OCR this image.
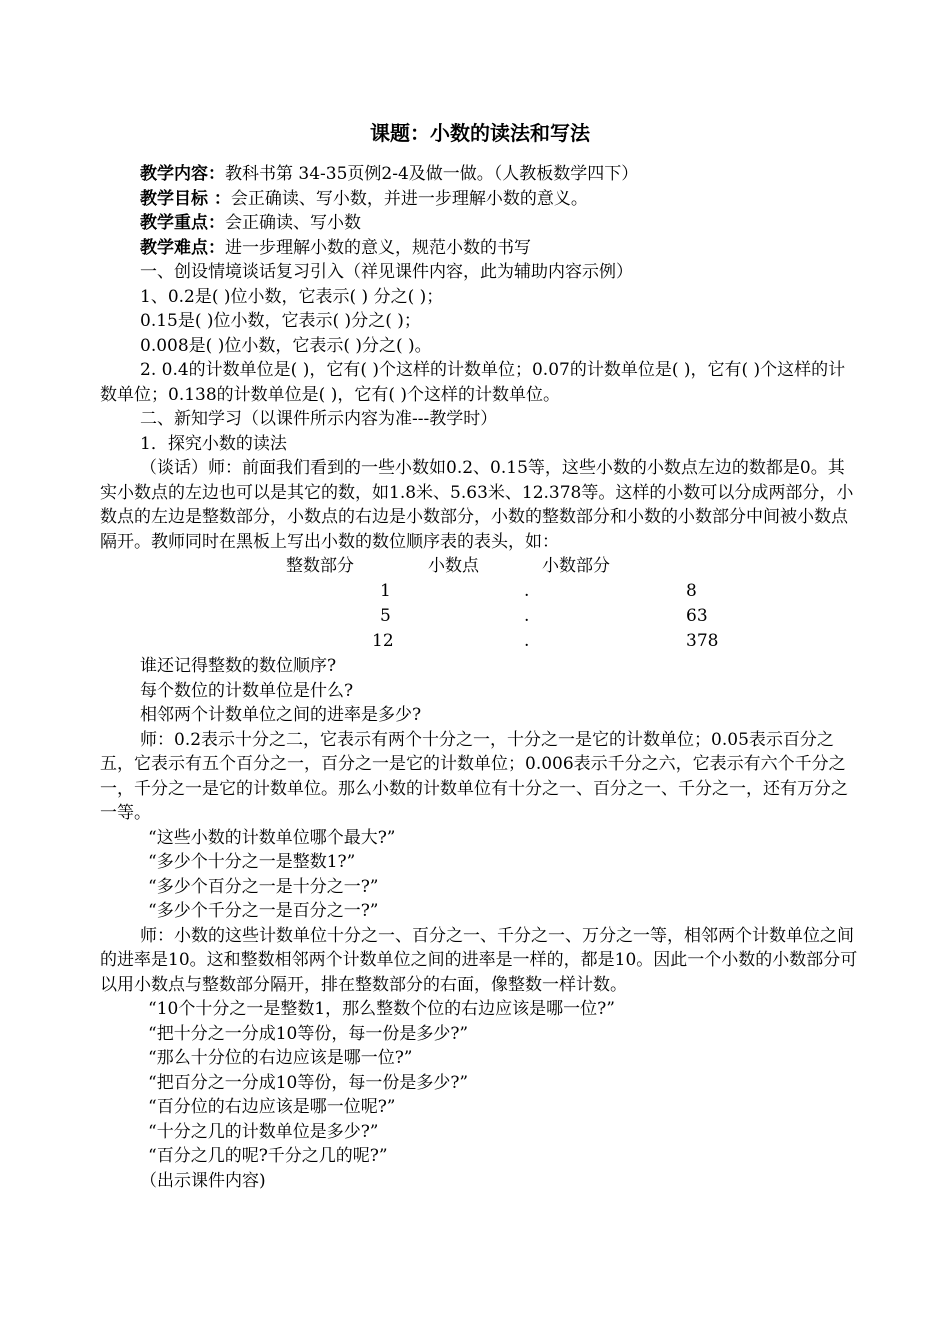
课题：小数的读法和写法

教学内容：教科书第 34-35页例2-4及做一做。（人教板数学四下）

教学目标 ：会正确读、写小数，并进一步理解小数的意义。

教学重点：会正确读、写小数

教学难点：进一步理解小数的意义，规范小数的书写

一、创设情境谈话复习引入（祥见课件内容，此为辅助内容示例）

1、0.2是( )位小数，它表示( ) 分之( )；

0.15是( )位小数，它表示( )分之( )；

0.008是( )位小数，它表示( )分之( )。

2. 0.4的计数单位是( )，它有( )个这样的计数单位；0.07的计数单位是( )，它有( )个这样的计数单位；0.138的计数单位是( )，它有( )个这样的计数单位。

二、新知学习（以课件所示内容为准---教学时）

1．探究小数的读法

（谈话）师：前面我们看到的一些小数如0.2、0.15等，这些小数的小数点左边的数都是0。其实小数点的左边也可以是其它的数，如1.8米、5.63米、12.378等。这样的小数可以分成两部分，小数点的左边是整数部分，小数点的右边是小数部分，小数的整数部分和小数的小数部分中间被小数点隔开。教师同时在黑板上写出小数的数位顺序表的表头，如：

整数部分	小数点	小数部分
1	.	8
5	.	63
12	.	378

谁还记得整数的数位顺序?

每个数位的计数单位是什么?

相邻两个计数单位之间的进率是多少?

师：0.2表示十分之二，它表示有两个十分之一，十分之一是它的计数单位；0.05表示百分之五，它表示有五个百分之一，百分之一是它的计数单位；0.006表示千分之六，它表示有六个千分之一，千分之一是它的计数单位。那么小数的计数单位有十分之一、百分之一、千分之一，还有万分之一等。

“这些小数的计数单位哪个最大?”

“多少个十分之一是整数1?”

“多少个百分之一是十分之一?”

“多少个千分之一是百分之一?”

师：小数的这些计数单位十分之一、百分之一、千分之一、万分之一等，相邻两个计数单位之间的进率是10。这和整数相邻两个计数单位之间的进率是一样的，都是10。因此一个小数的小数部分可以用小数点与整数部分隔开，排在整数部分的右面，像整数一样计数。

“10个十分之一是整数1，那么整数个位的右边应该是哪一位?”

“把十分之一分成10等份，每一份是多少?”

“那么十分位的右边应该是哪一位?”

“把百分之一分成10等份，每一份是多少?”

“百分位的右边应该是哪一位呢?”

“十分之几的计数单位是多少?”

“百分之几的呢?千分之几的呢?”

（出示课件内容)
